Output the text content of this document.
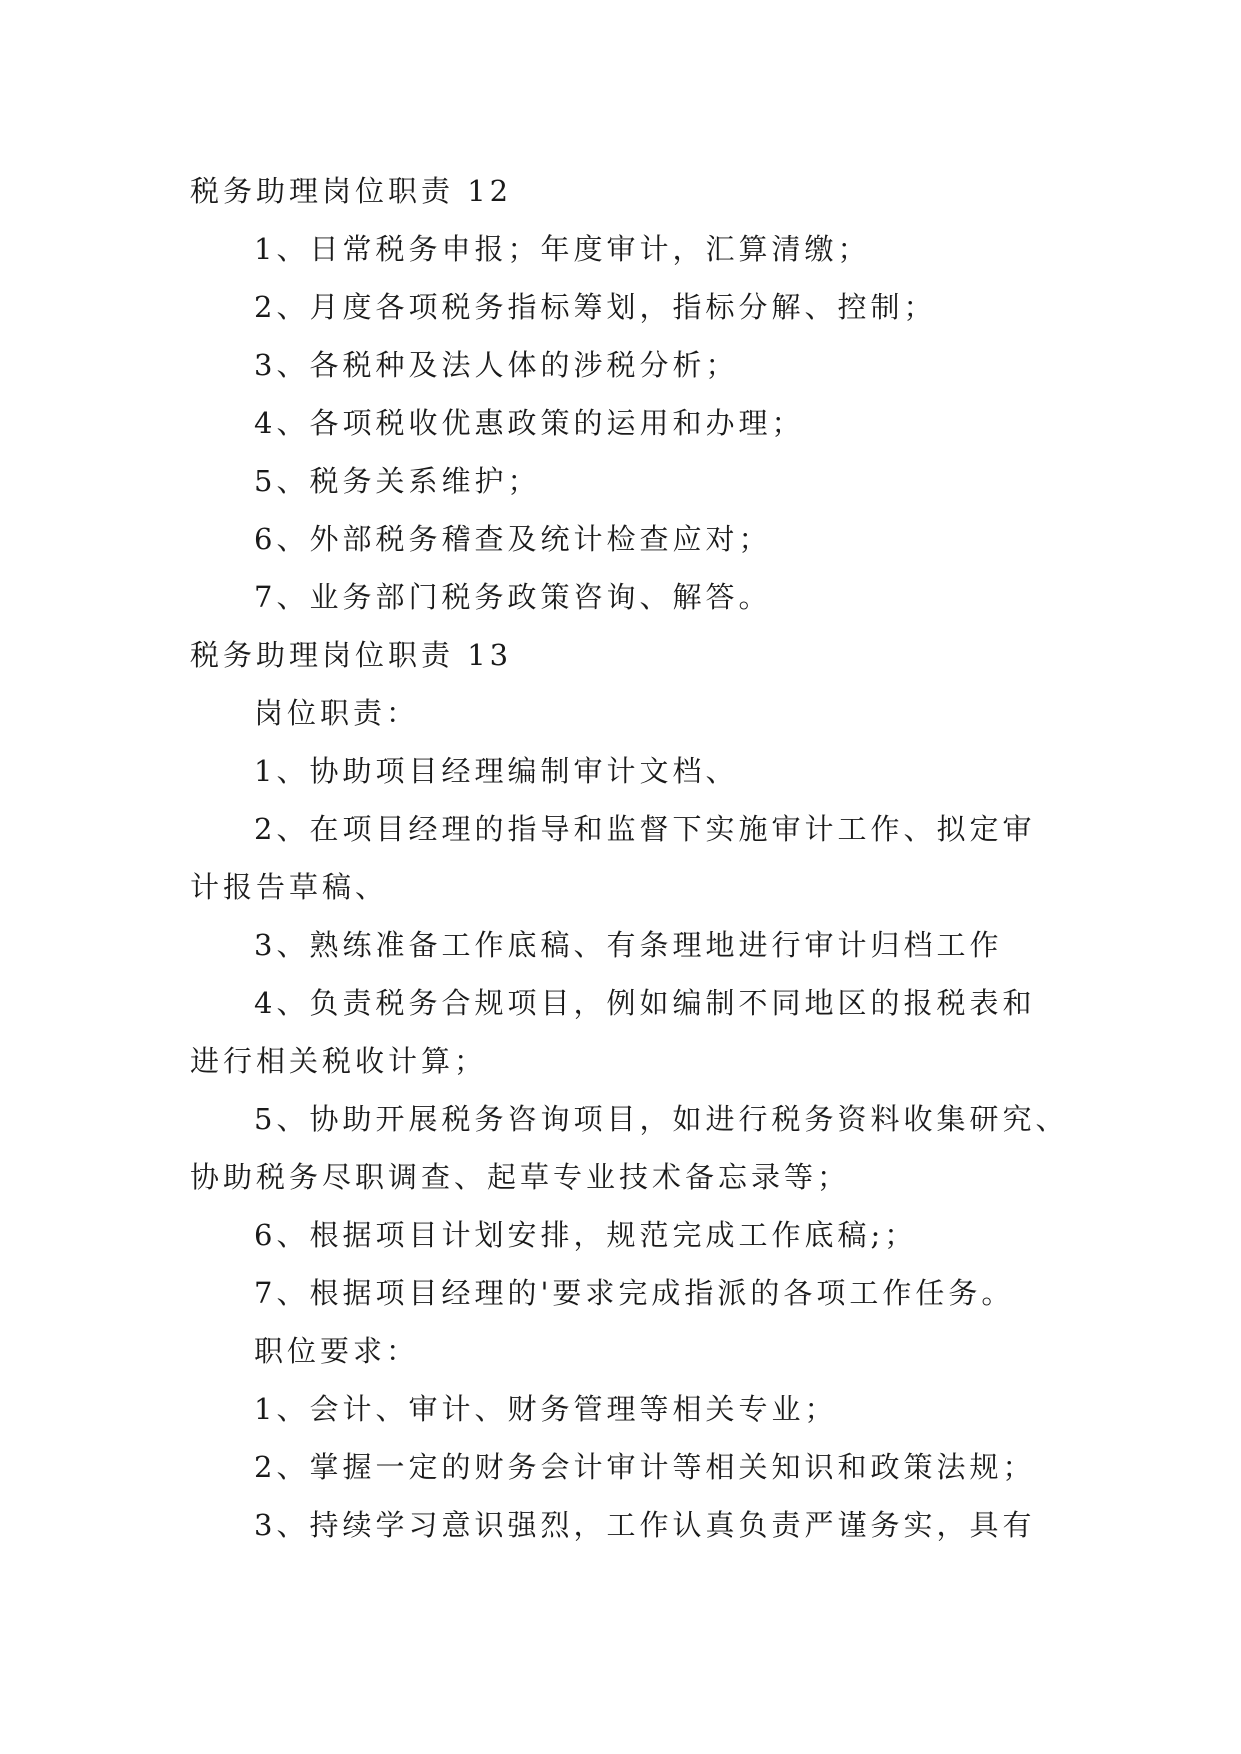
税务助理岗位职责 12
1、日常税务申报；年度审计，汇算清缴；
2、月度各项税务指标筹划，指标分解、控制；
3、各税种及法人体的涉税分析；
4、各项税收优惠政策的运用和办理；
5、税务关系维护；
6、外部税务稽查及统计检查应对；
7、业务部门税务政策咨询、解答。
税务助理岗位职责 13
岗位职责：
1、协助项目经理编制审计文档、
2、在项目经理的指导和监督下实施审计工作、拟定审
计报告草稿、
3、熟练准备工作底稿、有条理地进行审计归档工作
4、负责税务合规项目，例如编制不同地区的报税表和
进行相关税收计算；
5、协助开展税务咨询项目，如进行税务资料收集研究、
协助税务尽职调查、起草专业技术备忘录等；
6、根据项目计划安排，规范完成工作底稿;；
7、根据项目经理的'要求完成指派的各项工作任务。
职位要求：
1、会计、审计、财务管理等相关专业；
2、掌握一定的财务会计审计等相关知识和政策法规；
3、持续学习意识强烈，工作认真负责严谨务实，具有
